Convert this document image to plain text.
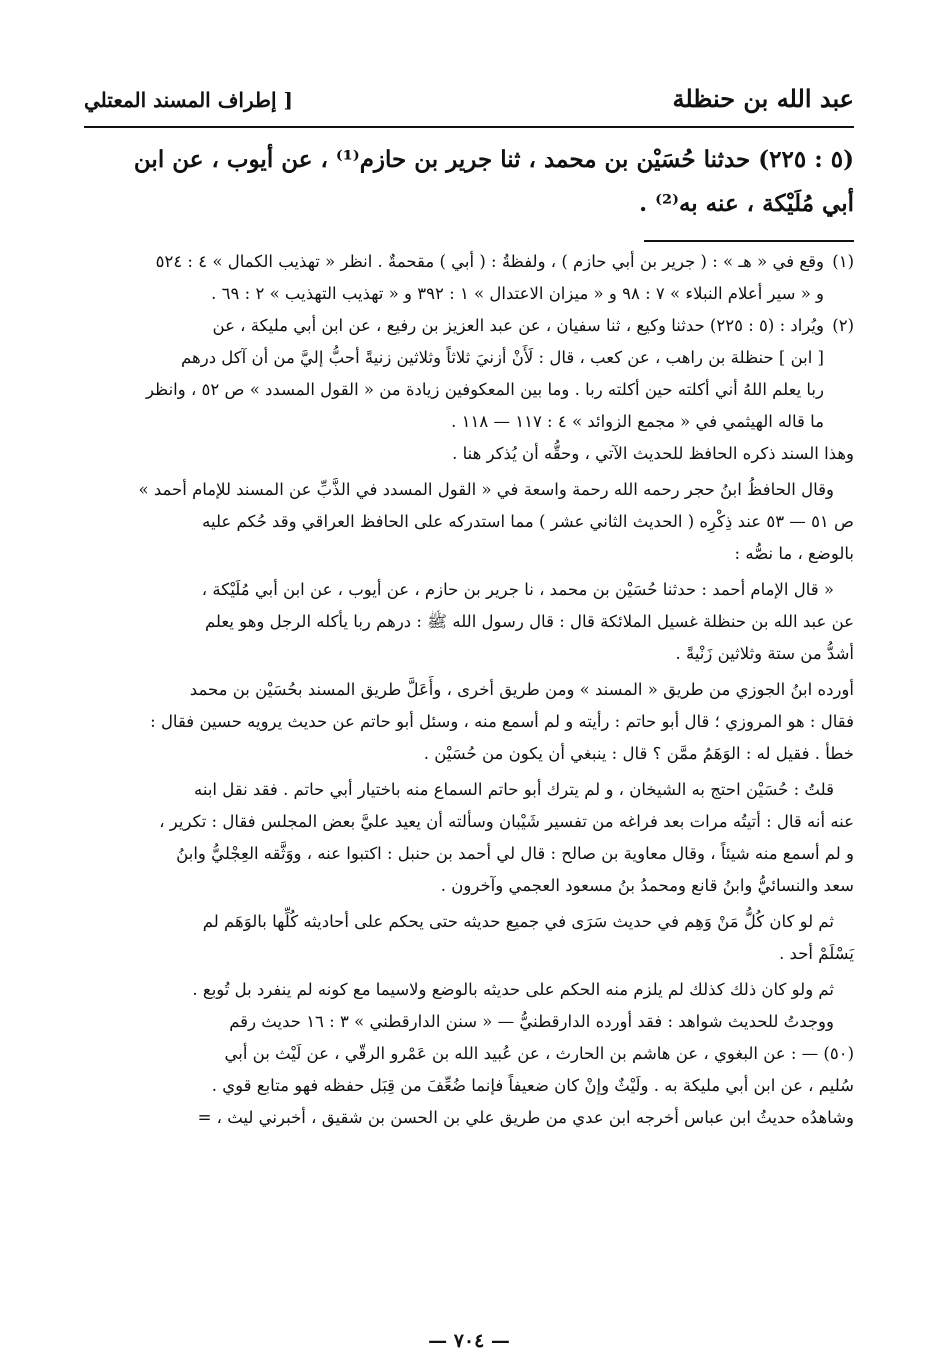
عبد الله بن حنظلة
[ إطراف المسند المعتلي

(٥ : ٢٢٥) حدثنا حُسَيْن بن محمد ، ثنا جرير بن حازم⁽¹⁾ ، عن أيوب ، عن ابن

أبي مُلَيْكة ، عنه به⁽²⁾ .

(١)

وقع في « هـ » : ( جرير بن أبي حازم ) ، ولفظةُ : ( أبي ) مقحمةٌ . انظر « تهذيب الكمال » ٤ : ٥٢٤

و « سير أعلام النبلاء » ٧ : ٩٨ و « ميزان الاعتدال » ١ : ٣٩٢ و « تهذيب التهذيب » ٢ : ٦٩ .

(٢)

ويُراد : (٥ : ٢٢٥) حدثنا وكيع ، ثنا سفيان ، عن عبد العزيز بن رفيع ، عن ابن أبي مليكة ، عن

[ ابن ] حنظلة بن راهب ، عن كعب ، قال : لَأَنْ أزنيَ ثلاثاً وثلاثين زنيةً أحبُّ إليَّ من أن آكل درهم

ربا يعلم اللهُ أني أكلته حين أكلته ربا . وما بين المعكوفين زيادة من « القول المسدد » ص ٥٢ ، وانظر

ما قاله الهيثمي في « مجمع الزوائد » ٤ : ١١٧ — ١١٨ .

وهذا السند ذكره الحافظ للحديث الآتي ، وحقُّه أن يُذكر هنا .

وقال الحافظُ ابنُ حجر رحمه الله رحمة واسعة في « القول المسدد في الذَّبِّ عن المسند للإمام أحمد »

ص ٥١ — ٥٣ عند ذِكْرِه ( الحديث الثاني عشر ) مما استدركه على الحافظ العراقي وقد حُكم عليه

بالوضع ، ما نصُّه :

« قال الإمام أحمد : حدثنا حُسَيْن بن محمد ، نا جرير بن حازم ، عن أيوب ، عن ابن أبي مُلَيْكة ،

عن عبد الله بن حنظلة غسيل الملائكة قال : قال رسول الله ﷺ : درهم ربا يأكله الرجل وهو يعلم

أشدُّ من ستة وثلاثين زَنْيةً .

أورده ابنُ الجوزي من طريق « المسند » ومن طريق أخرى ، وأَعَلَّ طريق المسند بحُسَيْن بن محمد

فقال : هو المروزي ؛ قال أبو حاتم : رأيته و لم أسمع منه ، وسئل أبو حاتم عن حديث يرويه حسين فقال :

خطأ . فقيل له : الوَهَمُ ممَّن ؟ قال : ينبغي أن يكون من حُسَيْن .

قلتُ : حُسَيْن احتج به الشيخان ، و لم يترك أبو حاتم السماع منه باختيار أبي حاتم . فقد نقل ابنه

عنه أنه قال : أتيتُه مرات بعد فراغه من تفسير شَيْبان وسألته أن يعيد عليَّ بعض المجلس فقال : تكرير ،

و لم أسمع منه شيئاً ، وقال معاوية بن صالح : قال لي أحمد بن حنبل : اكتبوا عنه ، ووَثَّقه العِجْليُّ وابنُ

سعد والنسائيُّ وابنُ قانع ومحمدُ بنُ مسعود العجمي وآخرون .

ثم لو كان كُلُّ مَنْ وَهِم في حديث سَرَى في جميع حديثه حتى يحكم على أحاديثه كُلِّها بالوَهَم لم

يَسْلَمْ أحد .

ثم ولو كان ذلك كذلك لم يلزم منه الحكم على حديثه بالوضع ولاسيما مع كونه لم ينفرد بل تُوبع .

ووجدتُ للحديث شواهد : فقد أورده الدارقطنيُّ — « سنن الدارقطني » ٣ : ١٦ حديث رقم

(٥٠) — : عن البغوي ، عن هاشم بن الحارث ، عن عُبيد الله بن عَمْرو الرقّي ، عن لَيْث بن أبي

سُليم ، عن ابن أبي مليكة به . ولَيْثٌ وإنْ كان ضعيفاً فإنما ضُعِّفَ من قِبَل حفظه فهو متابع قوي .

وشاهدُه حديثُ ابن عباس أخرجه ابن عدي من طريق علي بن الحسن بن شقيق ، أخبرني ليث ، =

— ٧٠٤ —
